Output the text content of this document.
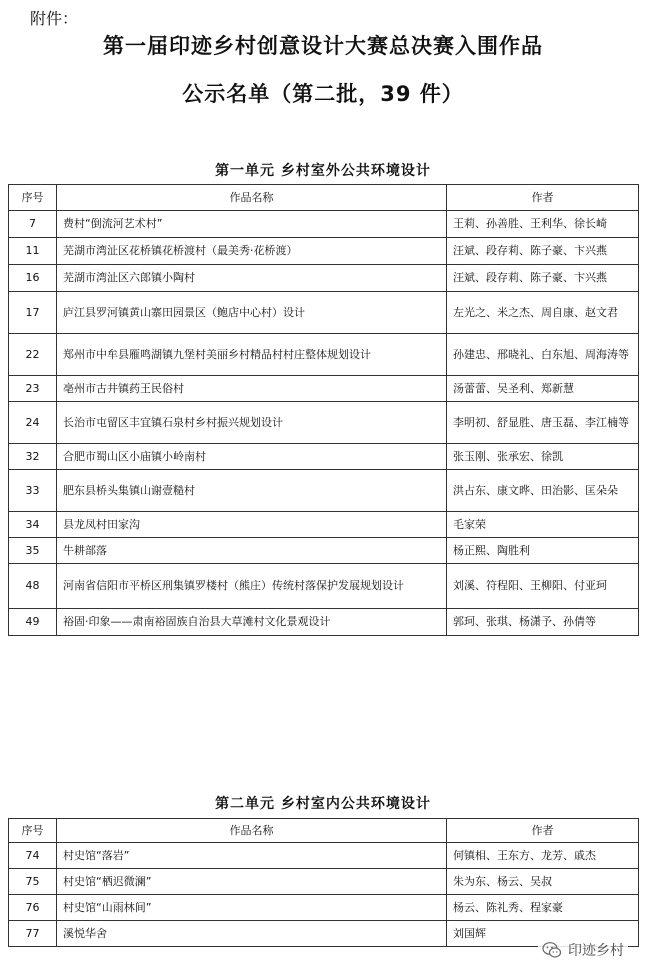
附件：
第一届印迹乡村创意设计大赛总决赛入围作品
公示名单（第二批，39 件）
第一单元 乡村室外公共环境设计
序号	作品名称	作者
7	费村“倒流河艺术村”	王莉、孙善胜、王利华、徐长崎
11	芜湖市湾沚区花桥镇花桥渡村（最美秀·花桥渡）	汪斌、段存莉、陈子豪、卞兴燕
16	芜湖市湾沚区六郎镇小陶村	汪斌、段存莉、陈子豪、卞兴燕
17	庐江县罗河镇黄山寨田园景区（鲍店中心村）设计	左光之、米之杰、周自康、赵文君
22	郑州市中牟县雁鸣湖镇九堡村美丽乡村精品村村庄整体规划设计	孙建忠、邢晓礼、白东旭、周海涛等
23	亳州市古井镇药王民俗村	汤蕾蕾、吴圣利、郑新慧
24	长治市屯留区丰宜镇石泉村乡村振兴规划设计	李明初、舒显胜、唐玉磊、李江楠等
32	合肥市蜀山区小庙镇小岭南村	张玉刚、张承宏、徐凯
33	肥东县桥头集镇山谢壹糙村	洪占东、康文晔、田治影、匡朵朵
34	县龙凤村田家沟	毛家荣
35	牛耕部落	杨正熙、陶胜利
48	河南省信阳市平桥区刑集镇罗楼村（熊庄）传统村落保护发展规划设计	刘溪、符程阳、王柳阳、付亚珂
49	裕固·印象——肃南裕固族自治县大草滩村文化景观设计	郭珂、张琪、杨潇予、孙倩等
第二单元 乡村室内公共环境设计
序号	作品名称	作者
74	村史馆“落岩”	何镇相、王东方、龙芳、戚杰
75	村史馆“栖迟微澜”	朱为东、杨云、吴叔
76	村史馆“山雨林间”	杨云、陈礼秀、程家豪
77	溪悦华舍	刘国辉
印迹乡村
